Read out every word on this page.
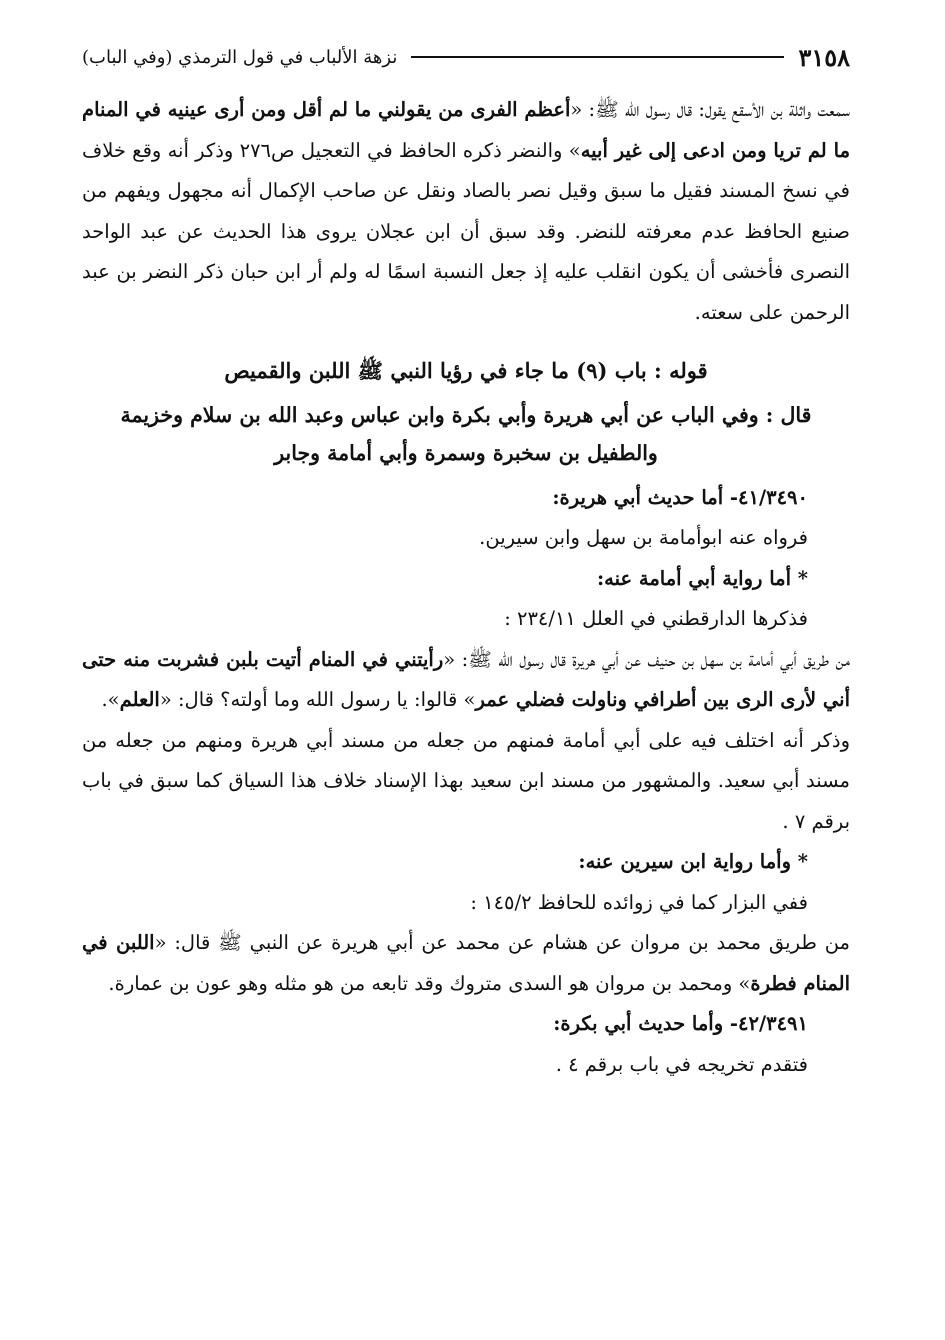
٣١٥٨
نزهة الألباب في قول الترمذي (وفي الباب)

سمعت واثلة بن الأسقع يقول: قال رسول الله ﷺ: «أعظم الفرى من يقولني ما لم أقل ومن أرى عينيه في المنام ما لم تريا ومن ادعى إلى غير أبيه» والنضر ذكره الحافظ في التعجيل ص٢٧٦ وذكر أنه وقع خلاف في نسخ المسند فقيل ما سبق وقيل نصر بالصاد ونقل عن صاحب الإكمال أنه مجهول ويفهم من صنيع الحافظ عدم معرفته للنضر. وقد سبق أن ابن عجلان يروى هذا الحديث عن عبد الواحد النصرى فأخشى أن يكون انقلب عليه إذ جعل النسبة اسمًا له ولم أر ابن حبان ذكر النضر بن عبد الرحمن على سعته.

قوله : باب (٩) ما جاء في رؤيا النبي ﷺ اللبن والقميص
قال : وفي الباب عن أبي هريرة وأبي بكرة وابن عباس وعبد الله بن سلام وخزيمة والطفيل بن سخبرة وسمرة وأبي أمامة وجابر
٤١/٣٤٩٠- أما حديث أبي هريرة:
فرواه عنه ابوأمامة بن سهل وابن سيرين.
* أما رواية أبي أمامة عنه:
فذكرها الدارقطني في العلل ٢٣٤/١١ :

من طريق أبي أمامة بن سهل بن حنيف عن أبي هريرة قال رسول الله ﷺ: «رأيتني في المنام أتيت بلبن فشربت منه حتى أني لأرى الرى بين أطرافي وناولت فضلي عمر» قالوا: يا رسول الله وما أولته؟ قال: «العلم».

وذكر أنه اختلف فيه على أبي أمامة فمنهم من جعله من مسند أبي هريرة ومنهم من جعله من مسند أبي سعيد. والمشهور من مسند ابن سعيد بهذا الإسناد خلاف هذا السياق كما سبق في باب برقم ٧ .

* وأما رواية ابن سيرين عنه:
ففي البزار كما في زوائده للحافظ ١٤٥/٢ :

من طريق محمد بن مروان عن هشام عن محمد عن أبي هريرة عن النبي ﷺ قال: «اللبن في المنام فطرة» ومحمد بن مروان هو السدى متروك وقد تابعه من هو مثله وهو عون بن عمارة.

٤٢/٣٤٩١- وأما حديث أبي بكرة:
فتقدم تخريجه في باب برقم ٤ .
